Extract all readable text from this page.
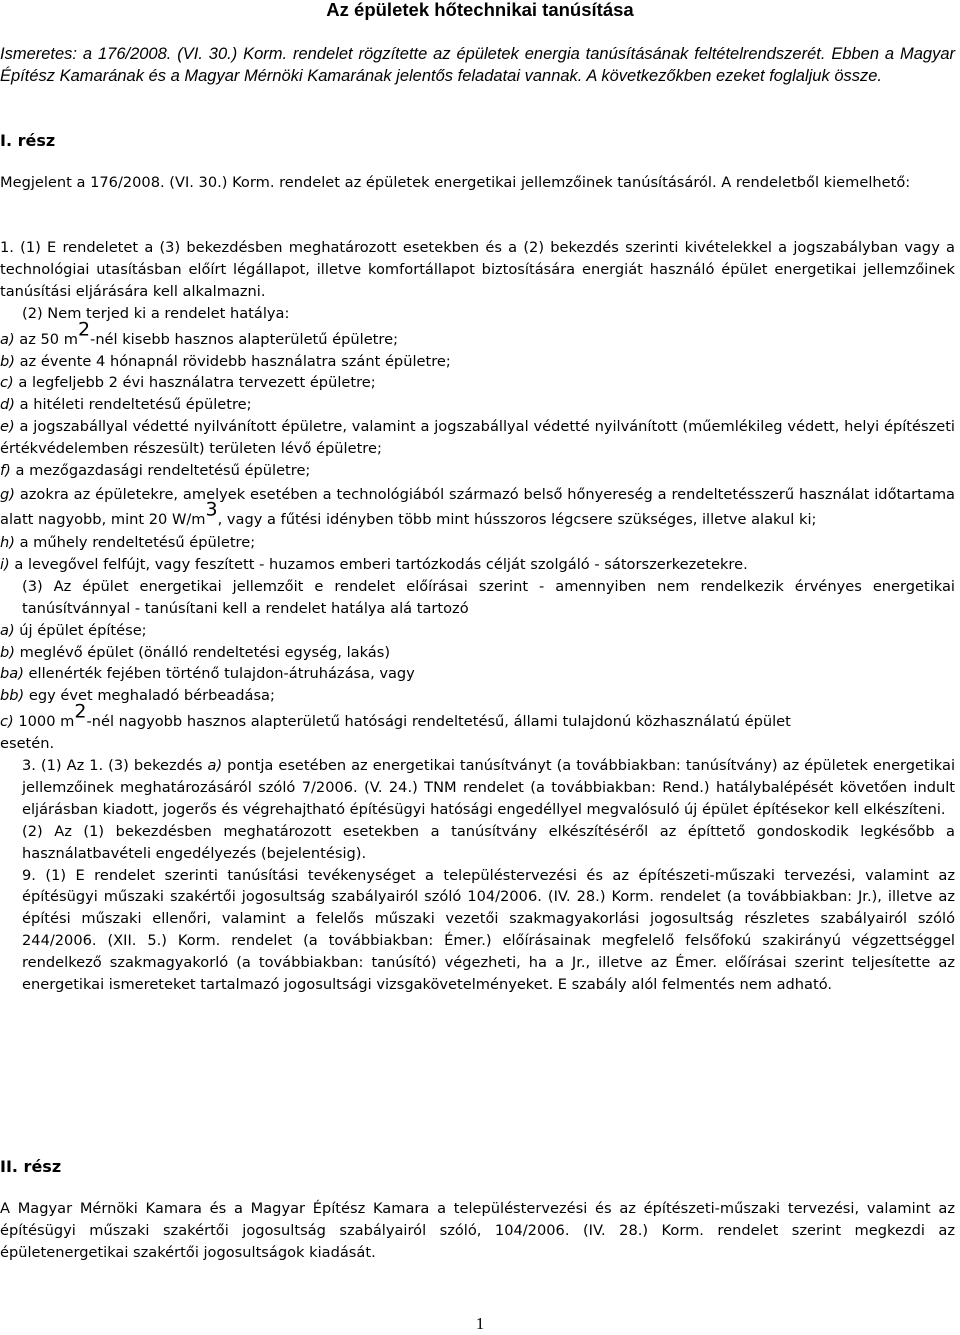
Az épületek hőtechnikai tanúsítása
Ismeretes: a 176/2008. (VI. 30.) Korm. rendelet rögzítette az épületek energia tanúsításának feltételrendszerét. Ebben a Magyar Építész Kamarának és a Magyar Mérnöki Kamarának jelentős feladatai vannak. A következőkben ezeket foglaljuk össze.
I. rész
Megjelent a 176/2008. (VI. 30.) Korm. rendelet az épületek energetikai jellemzőinek tanúsításáról. A rendeletből kiemelhető:

1. (1) E rendeletet a (3) bekezdésben meghatározott esetekben és a (2) bekezdés szerinti kivételekkel a jogszabályban vagy a technológiai utasításban előírt légállapot, illetve komfortállapot biztosítására energiát használó épület energetikai jellemzőinek tanúsítási eljárására kell alkalmazni.

(2) Nem terjed ki a rendelet hatálya:

a) az 50 $m^2$-nél kisebb hasznos alapterületű épületre;

b) az évente 4 hónapnál rövidebb használatra szánt épületre;

c) a legfeljebb 2 évi használatra tervezett épületre;

d) a hitéleti rendeltetésű épületre;

e) a jogszabállyal védetté nyilvánított épületre, valamint a jogszabállyal védetté nyilvánított (műemlékileg védett, helyi építészeti értékvédelemben részesült) területen lévő épületre;

f) a mezőgazdasági rendeltetésű épületre;

g) azokra az épületekre, amelyek esetében a technológiából származó belső hőnyereség a rendeltetésszerű használat időtartama alatt nagyobb, mint 20 $W/m^3$, vagy a fűtési idényben több mint hússzoros légcsere szükséges, illetve alakul ki;

h) a műhely rendeltetésű épületre;

i) a levegővel felfújt, vagy feszített - huzamos emberi tartózkodás célját szolgáló - sátorszerkezetekre.

(3) Az épület energetikai jellemzőit e rendelet előírásai szerint - amennyiben nem rendelkezik érvényes energetikai tanúsítvánnyal - tanúsítani kell a rendelet hatálya alá tartozó

a) új épület építése;

b) meglévő épület (önálló rendeltetési egység, lakás)

ba) ellenérték fejében történő tulajdon-átruházása, vagy

bb) egy évet meghaladó bérbeadása;

c) 1000 $m^2$-nél nagyobb hasznos alapterületű hatósági rendeltetésű, állami tulajdonú közhasználatú épület

esetén.

3. (1) Az 1. (3) bekezdés a) pontja esetében az energetikai tanúsítványt (a továbbiakban: tanúsítvány) az épületek energetikai jellemzőinek meghatározásáról szóló 7/2006. (V. 24.) TNM rendelet (a továbbiakban: Rend.) hatálybalépését követően indult eljárásban kiadott, jogerős és végrehajtható építésügyi hatósági engedéllyel megvalósuló új épület építésekor kell elkészíteni.

(2) Az (1) bekezdésben meghatározott esetekben a tanúsítvány elkészítéséről az építtető gondoskodik legkésőbb a használatbavételi engedélyezés (bejelentésig).

9. (1) E rendelet szerinti tanúsítási tevékenységet a településtervezési és az építészeti-műszaki tervezési, valamint az építésügyi műszaki szakértői jogosultság szabályairól szóló 104/2006. (IV. 28.) Korm. rendelet (a továbbiakban: Jr.), illetve az építési műszaki ellenőri, valamint a felelős műszaki vezetői szakmagyakorlási jogosultság részletes szabályairól szóló 244/2006. (XII. 5.) Korm. rendelet (a továbbiakban: Émer.) előírásainak megfelelő felsőfokú szakirányú végzettséggel rendelkező szakmagyakorló (a továbbiakban: tanúsító) végezheti, ha a Jr., illetve az Émer. előírásai szerint teljesítette az energetikai ismereteket tartalmazó jogosultsági vizsgakövetelményeket. E szabály alól felmentés nem adható.

II. rész
A Magyar Mérnöki Kamara és a Magyar Építész Kamara a településtervezési és az építészeti-műszaki tervezési, valamint az építésügyi műszaki szakértői jogosultság szabályairól szóló, 104/2006. (IV. 28.) Korm. rendelet szerint megkezdi az épületenergetikai szakértői jogosultságok kiadását.
1
